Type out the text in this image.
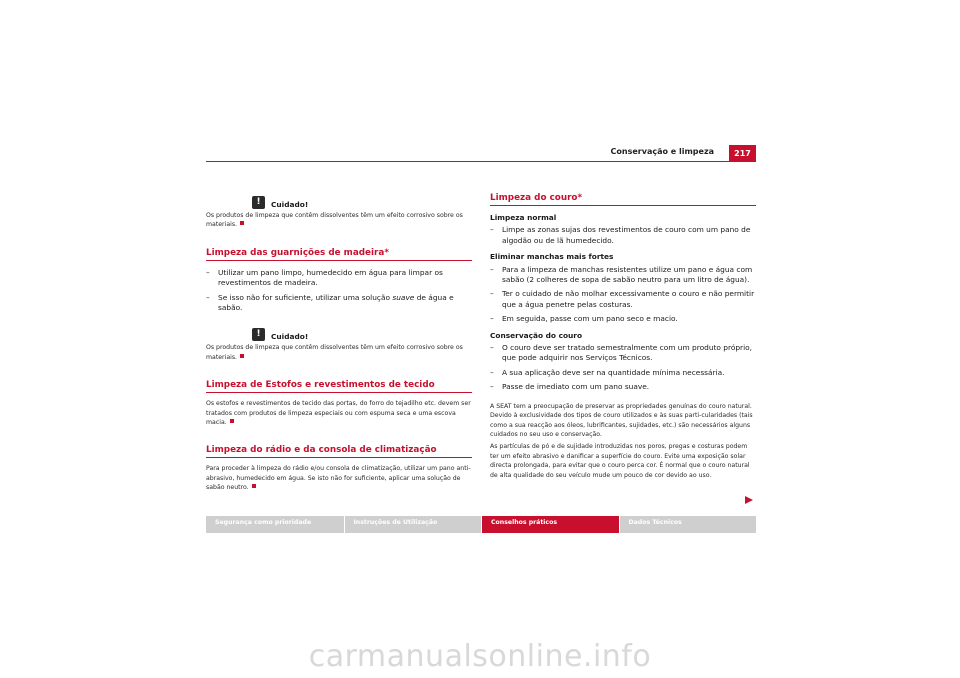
Conservação e limpeza	217
!	Cuidado!

Os produtos de limpeza que contêm dissolventes têm um efeito corrosivo sobre os materiais.

Limpeza das guarnições de madeira*
– Utilizar um pano limpo, humedecido em água para limpar os revestimentos de madeira.
– Se isso não for suficiente, utilizar uma solução suave de água e sabão.
!	Cuidado!

Os produtos de limpeza que contêm dissolventes têm um efeito corrosivo sobre os materiais.

Limpeza de Estofos e revestimentos de tecido

Os estofos e revestimentos de tecido das portas, do forro do tejadilho etc. devem ser tratados com produtos de limpeza especiais ou com espuma seca e uma escova macia.

Limpeza do rádio e da consola de climatização

Para proceder à limpeza do rádio e/ou consola de climatização, utilizar um pano anti-abrasivo, humedecido em água. Se isto não for suficiente, aplicar uma solução de sabão neutro.

Limpeza do couro*

Limpeza normal

– Limpe as zonas sujas dos revestimentos de couro com um pano de algodão ou de lã humedecido.

Eliminar manchas mais fortes

– Para a limpeza de manchas resistentes utilize um pano e água com sabão (2 colheres de sopa de sabão neutro para um litro de água).
– Ter o cuidado de não molhar excessivamente o couro e não permitir que a água penetre pelas costuras.
– Em seguida, passe com um pano seco e macio.

Conservação do couro

– O couro deve ser tratado semestralmente com um produto próprio, que pode adquirir nos Serviços Técnicos.
– A sua aplicação deve ser na quantidade mínima necessária.
– Passe de imediato com um pano suave.

A SEAT tem a preocupação de preservar as propriedades genuínas do couro natural. Devido à exclusividade dos tipos de couro utilizados e às suas parti-cularidades (tais como a sua reacção aos óleos, lubrificantes, sujidades, etc.) são necessários alguns cuidados no seu uso e conservação.

As partículas de pó e de sujidade introduzidas nos poros, pregas e costuras podem ter um efeito abrasivo e danificar a superfície do couro. Evite uma exposição solar directa prolongada, para evitar que o couro perca cor. É normal que o couro natural de alta qualidade do seu veículo mude um pouco de cor devido ao uso.

Segurança como prioridade	Instruções de Utilização	Conselhos práticos	Dados Técnicos
carmanualsonline.info
